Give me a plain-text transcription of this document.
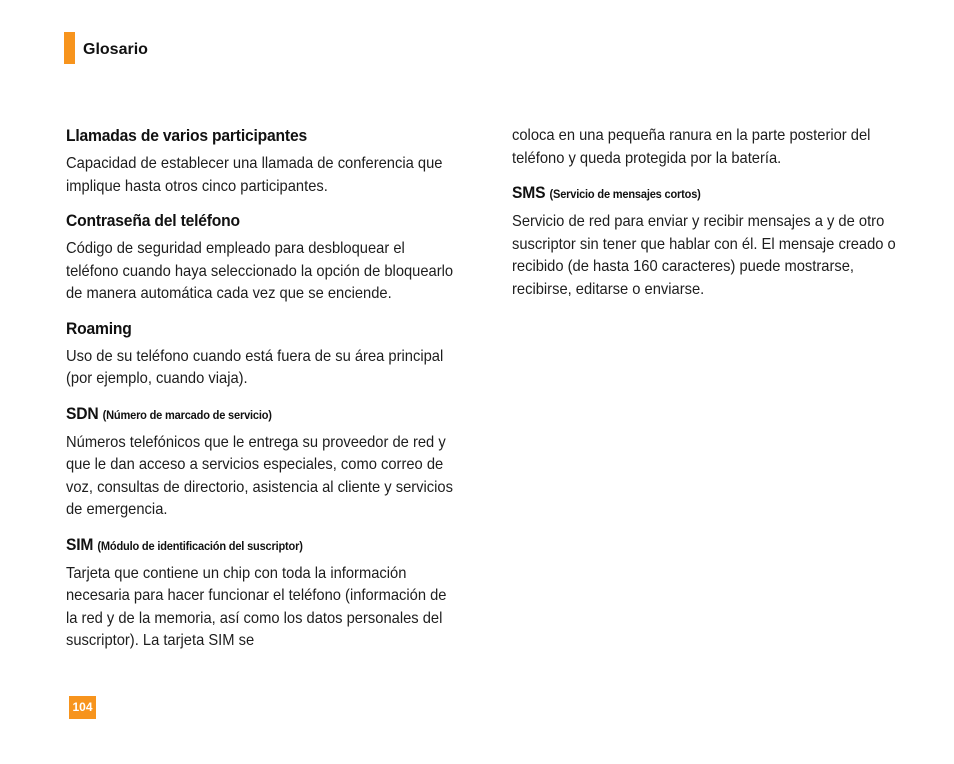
Glosario
Llamadas de varios participantes
Capacidad de establecer una llamada de conferencia que implique hasta otros cinco participantes.
Contraseña del teléfono
Código de seguridad empleado para desbloquear el teléfono cuando haya seleccionado la opción de bloquearlo de manera automática cada vez que se enciende.
Roaming
Uso de su teléfono cuando está fuera de su área principal (por ejemplo, cuando viaja).
SDN (Número de marcado de servicio)
Números telefónicos que le entrega su proveedor de red y que le dan acceso a servicios especiales, como correo de voz, consultas de directorio, asistencia al cliente y servicios de emergencia.
SIM (Módulo de identificación del suscriptor)
Tarjeta que contiene un chip con toda la información necesaria para hacer funcionar el teléfono (información de la red y de la memoria, así como los datos personales del suscriptor). La tarjeta SIM se
coloca en una pequeña ranura en la parte posterior del teléfono y queda protegida por la batería.
SMS (Servicio de mensajes cortos)
Servicio de red para enviar y recibir mensajes a y de otro suscriptor sin tener que hablar con él. El mensaje creado o recibido (de hasta 160 caracteres) puede mostrarse, recibirse, editarse o enviarse.
104
